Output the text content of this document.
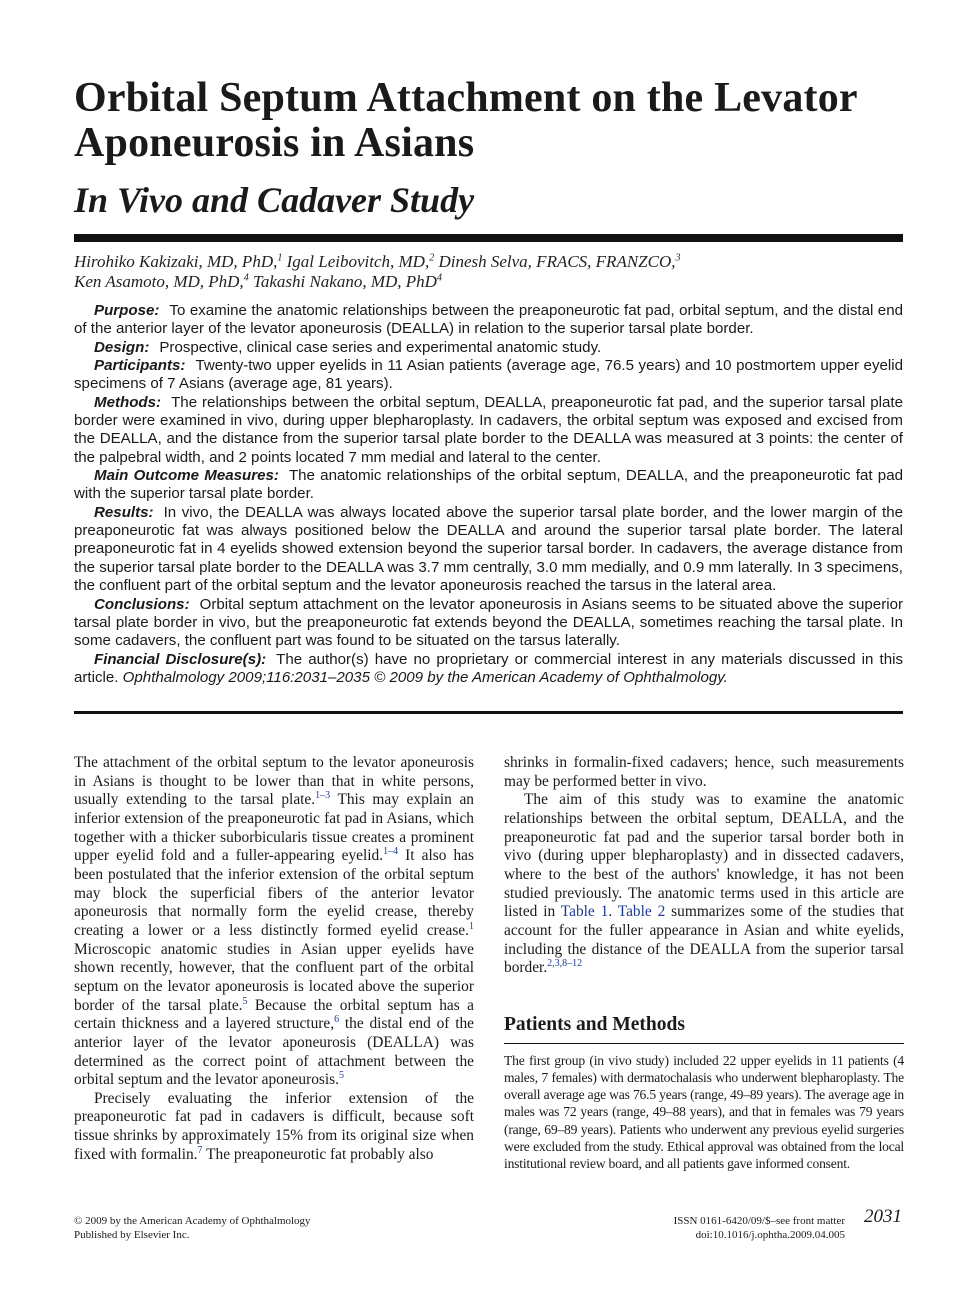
Orbital Septum Attachment on the Levator Aponeurosis in Asians
In Vivo and Cadaver Study
Hirohiko Kakizaki, MD, PhD,$^1$ Igal Leibovitch, MD,$^2$ Dinesh Selva, FRACS, FRANZCO,$^3$
Ken Asamoto, MD, PhD,$^4$ Takashi Nakano, MD, PhD$^4$

Purpose: To examine the anatomic relationships between the preaponeurotic fat pad, orbital septum, and the distal end of the anterior layer of the levator aponeurosis (DEALLA) in relation to the superior tarsal plate border.

Design: Prospective, clinical case series and experimental anatomic study.

Participants: Twenty-two upper eyelids in 11 Asian patients (average age, 76.5 years) and 10 postmortem upper eyelid specimens of 7 Asians (average age, 81 years).

Methods: The relationships between the orbital septum, DEALLA, preaponeurotic fat pad, and the superior tarsal plate border were examined in vivo, during upper blepharoplasty. In cadavers, the orbital septum was exposed and excised from the DEALLA, and the distance from the superior tarsal plate border to the DEALLA was measured at 3 points: the center of the palpebral width, and 2 points located 7 mm medial and lateral to the center.

Main Outcome Measures: The anatomic relationships of the orbital septum, DEALLA, and the preaponeurotic fat pad with the superior tarsal plate border.

Results: In vivo, the DEALLA was always located above the superior tarsal plate border, and the lower margin of the preaponeurotic fat was always positioned below the DEALLA and around the superior tarsal plate border. The lateral preaponeurotic fat in 4 eyelids showed extension beyond the superior tarsal border. In cadavers, the average distance from the superior tarsal plate border to the DEALLA was 3.7 mm centrally, 3.0 mm medially, and 0.9 mm laterally. In 3 specimens, the confluent part of the orbital septum and the levator aponeurosis reached the tarsus in the lateral area.

Conclusions: Orbital septum attachment on the levator aponeurosis in Asians seems to be situated above the superior tarsal plate border in vivo, but the preaponeurotic fat extends beyond the DEALLA, sometimes reaching the tarsal plate. In some cadavers, the confluent part was found to be situated on the tarsus laterally.

Financial Disclosure(s): The author(s) have no proprietary or commercial interest in any materials discussed in this article. Ophthalmology 2009;116:2031–2035 © 2009 by the American Academy of Ophthalmology.

The attachment of the orbital septum to the levator aponeurosis in Asians is thought to be lower than that in white persons, usually extending to the tarsal plate.$^{1-3}$ This may explain an inferior extension of the preaponeurotic fat pad in Asians, which together with a thicker suborbicularis tissue creates a prominent upper eyelid fold and a fuller-appearing eyelid.$^{1-4}$ It also has been postulated that the inferior extension of the orbital septum may block the superficial fibers of the anterior levator aponeurosis that normally form the eyelid crease, thereby creating a lower or a less distinctly formed eyelid crease.$^1$ Microscopic anatomic studies in Asian upper eyelids have shown recently, however, that the confluent part of the orbital septum on the levator aponeurosis is located above the superior border of the tarsal plate.$^5$ Because the orbital septum has a certain thickness and a layered structure,$^6$ the distal end of the anterior layer of the levator aponeurosis (DEALLA) was determined as the correct point of attachment between the orbital septum and the levator aponeurosis.$^5$

Precisely evaluating the inferior extension of the preaponeurotic fat pad in cadavers is difficult, because soft tissue shrinks by approximately 15% from its original size when fixed with formalin.$^7$ The preaponeurotic fat probably also

shrinks in formalin-fixed cadavers; hence, such measurements may be performed better in vivo.

The aim of this study was to examine the anatomic relationships between the orbital septum, DEALLA, and the preaponeurotic fat pad and the superior tarsal border both in vivo (during upper blepharoplasty) and in dissected cadavers, where to the best of the authors' knowledge, it has not been studied previously. The anatomic terms used in this article are listed in Table 1. Table 2 summarizes some of the studies that account for the fuller appearance in Asian and white eyelids, including the distance of the DEALLA from the superior tarsal border.$^{2,3,8-12}$

Patients and Methods

The first group (in vivo study) included 22 upper eyelids in 11 patients (4 males, 7 females) with dermatochalasis who underwent blepharoplasty. The overall average age was 76.5 years (range, 49–89 years). The average age in males was 72 years (range, 49–88 years), and that in females was 79 years (range, 69–89 years). Patients who underwent any previous eyelid surgeries were excluded from the study. Ethical approval was obtained from the local institutional review board, and all patients gave informed consent.

© 2009 by the American Academy of Ophthalmology
Published by Elsevier Inc.
ISSN 0161-6420/09/$–see front matter
doi:10.1016/j.ophtha.2009.04.005
2031
